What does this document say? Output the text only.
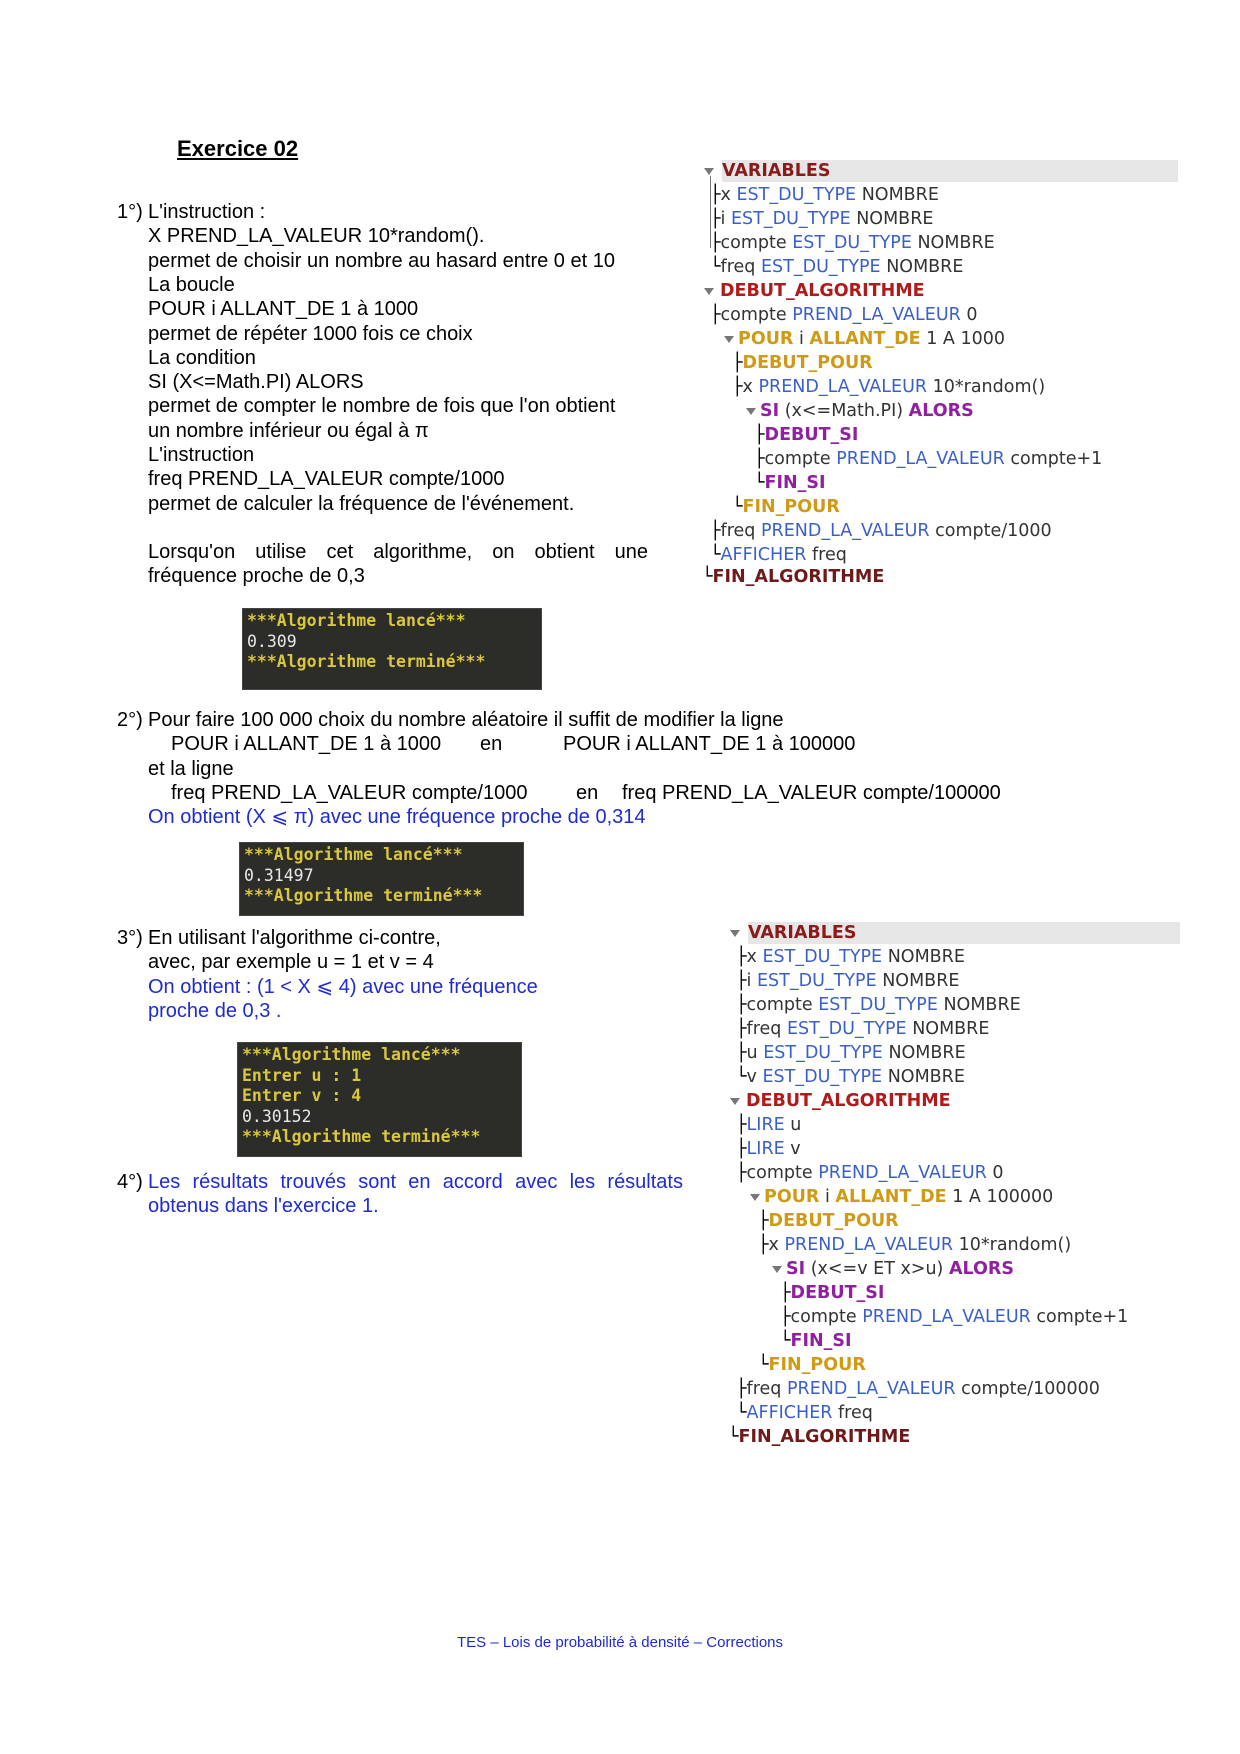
Exercice 02
1°) L'instruction :
X PREND_LA_VALEUR 10*random().
permet de choisir un nombre au hasard entre 0 et 10
La boucle
POUR i ALLANT_DE 1 à 1000
permet de répéter 1000 fois ce choix
La condition
SI (X<=Math.PI) ALORS
permet de compter le nombre de fois que l'on obtient
un nombre inférieur ou égal à π
L'instruction
freq PREND_LA_VALEUR compte/1000
permet de calculer la fréquence de l'événement.
Lorsqu'on utilise cet algorithme, on obtient une
fréquence proche de 0,3
***Algorithme lancé***
0.309
***Algorithme terminé***
2°) Pour faire 100 000 choix du nombre aléatoire il suffit de modifier la ligne
POUR i ALLANT_DE 1 à 1000 en	POUR i ALLANT_DE 1 à 100000
et la ligne
freq PREND_LA_VALEUR compte/1000 en freq PREND_LA_VALEUR compte/100000
On obtient (X ⩽ π) avec une fréquence proche de 0,314
***Algorithme lancé***
0.31497
***Algorithme terminé***
3°) En utilisant l'algorithme ci-contre,
avec, par exemple u = 1 et v = 4
On obtient : (1 < X ⩽ 4) avec une fréquence
proche de 0,3 .
***Algorithme lancé***
Entrer u : 1
Entrer v : 4
0.30152
***Algorithme terminé***
4°) Les résultats trouvés sont en accord avec les résultats
obtenus dans l'exercice 1.
VARIABLES
├x EST_DU_TYPE NOMBRE
├i EST_DU_TYPE NOMBRE
├compte EST_DU_TYPE NOMBRE
└freq EST_DU_TYPE NOMBRE
DEBUT_ALGORITHME
├compte PREND_LA_VALEUR 0
POUR i ALLANT_DE 1 A 1000
├DEBUT_POUR
├x PREND_LA_VALEUR 10*random()
SI (x<=Math.PI) ALORS
├DEBUT_SI
├compte PREND_LA_VALEUR compte+1
└FIN_SI
└FIN_POUR
├freq PREND_LA_VALEUR compte/1000
└AFFICHER freq
└FIN_ALGORITHME
VARIABLES
├x EST_DU_TYPE NOMBRE
├i EST_DU_TYPE NOMBRE
├compte EST_DU_TYPE NOMBRE
├freq EST_DU_TYPE NOMBRE
├u EST_DU_TYPE NOMBRE
└v EST_DU_TYPE NOMBRE
DEBUT_ALGORITHME
├LIRE u
├LIRE v
├compte PREND_LA_VALEUR 0
POUR i ALLANT_DE 1 A 100000
├DEBUT_POUR
├x PREND_LA_VALEUR 10*random()
SI (x<=v ET x>u) ALORS
├DEBUT_SI
├compte PREND_LA_VALEUR compte+1
└FIN_SI
└FIN_POUR
├freq PREND_LA_VALEUR compte/100000
└AFFICHER freq
└FIN_ALGORITHME
TES – Lois de probabilité à densité – Corrections
